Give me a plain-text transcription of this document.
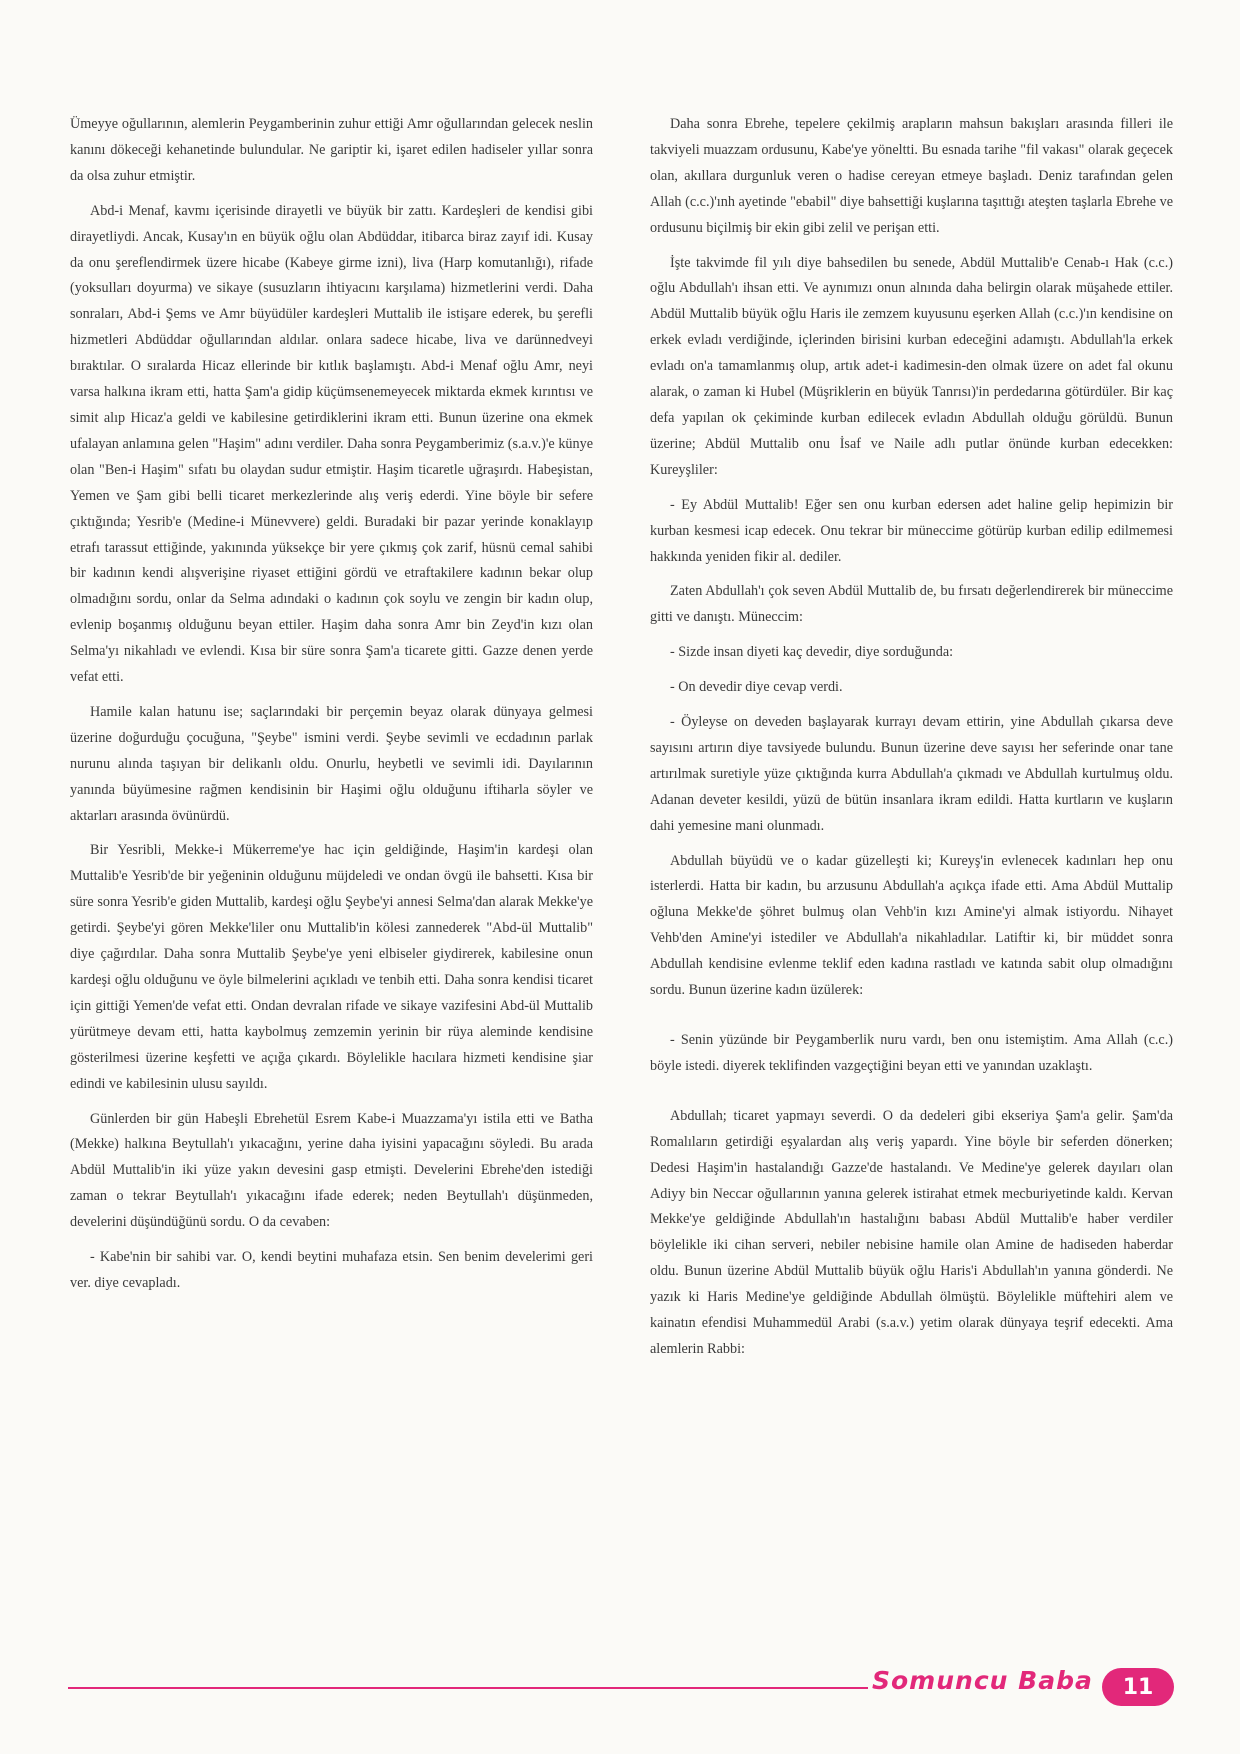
Ümeyye oğullarının, alemlerin Peygamberinin zuhur ettiği Amr oğullarından gelecek neslin kanını dökeceği kehanetinde bulundular. Ne gariptir ki, işaret edilen hadiseler yıllar sonra da olsa zuhur etmiştir.

Abd-i Menaf, kavmı içerisinde dirayetli ve büyük bir zattı. Kardeşleri de kendisi gibi dirayetliydi. Ancak, Kusay'ın en büyük oğlu olan Abdüddar, itibarca biraz zayıf idi. Kusay da onu şereflendirmek üzere hicabe (Kabeye girme izni), liva (Harp komutanlığı), rifade (yoksulları doyurma) ve sikaye (susuzların ihtiyacını karşılama) hizmetlerini verdi. Daha sonraları, Abd-i Şems ve Amr büyüdüler kardeşleri Muttalib ile istişare ederek, bu şerefli hizmetleri Abdüddar oğullarından aldılar. onlara sadece hicabe, liva ve darünnedveyi bıraktılar. O sıralarda Hicaz ellerinde bir kıtlık başlamıştı. Abd-i Menaf oğlu Amr, neyi varsa halkına ikram etti, hatta Şam'a gidip küçümsenemeyecek miktarda ekmek kırıntısı ve simit alıp Hicaz'a geldi ve kabilesine getirdiklerini ikram etti. Bunun üzerine ona ekmek ufalayan anlamına gelen "Haşim" adını verdiler. Daha sonra Peygamberimiz (s.a.v.)'e künye olan "Ben-i Haşim" sıfatı bu olaydan sudur etmiştir. Haşim ticaretle uğraşırdı. Habeşistan, Yemen ve Şam gibi belli ticaret merkezlerinde alış veriş ederdi. Yine böyle bir sefere çıktığında; Yesrib'e (Medine-i Münevvere) geldi. Buradaki bir pazar yerinde konaklayıp etrafı tarassut ettiğinde, yakınında yüksekçe bir yere çıkmış çok zarif, hüsnü cemal sahibi bir kadının kendi alışverişine riyaset ettiğini gördü ve etraftakilere kadının bekar olup olmadığını sordu, onlar da Selma adındaki o kadının çok soylu ve zengin bir kadın olup, evlenip boşanmış olduğunu beyan ettiler. Haşim daha sonra Amr bin Zeyd'in kızı olan Selma'yı nikahladı ve evlendi. Kısa bir süre sonra Şam'a ticarete gitti. Gazze denen yerde vefat etti.

Hamile kalan hatunu ise; saçlarındaki bir perçemin beyaz olarak dünyaya gelmesi üzerine doğurduğu çocuğuna, "Şeybe" ismini verdi. Şeybe sevimli ve ecdadının parlak nurunu alında taşıyan bir delikanlı oldu. Onurlu, heybetli ve sevimli idi. Dayılarının yanında büyümesine rağmen kendisinin bir Haşimi oğlu olduğunu iftiharla söyler ve aktarları arasında övünürdü.

Bir Yesribli, Mekke-i Mükerreme'ye hac için geldiğinde, Haşim'in kardeşi olan Muttalib'e Yesrib'de bir yeğeninin olduğunu müjdeledi ve ondan övgü ile bahsetti. Kısa bir süre sonra Yesrib'e giden Muttalib, kardeşi oğlu Şeybe'yi annesi Selma'dan alarak Mekke'ye getirdi. Şeybe'yi gören Mekke'liler onu Muttalib'in kölesi zannederek "Abd-ül Muttalib" diye çağırdılar. Daha sonra Muttalib Şeybe'ye yeni elbiseler giydirerek, kabilesine onun kardeşi oğlu olduğunu ve öyle bilmelerini açıkladı ve tenbih etti. Daha sonra kendisi ticaret için gittiği Yemen'de vefat etti. Ondan devralan rifade ve sikaye vazifesini Abd-ül Muttalib yürütmeye devam etti, hatta kaybolmuş zemzemin yerinin bir rüya aleminde kendisine gösterilmesi üzerine keşfetti ve açığa çıkardı. Böylelikle hacılara hizmeti kendisine şiar edindi ve kabilesinin ulusu sayıldı.

Günlerden bir gün Habeşli Ebrehetül Esrem Kabe-i Muazzama'yı istila etti ve Batha (Mekke) halkına Beytullah'ı yıkacağını, yerine daha iyisini yapacağını söyledi. Bu arada Abdül Muttalib'in iki yüze yakın devesini gasp etmişti. Develerini Ebrehe'den istediği zaman o tekrar Beytullah'ı yıkacağını ifade ederek; neden Beytullah'ı düşünmeden, develerini düşündüğünü sordu. O da cevaben:

- Kabe'nin bir sahibi var. O, kendi beytini muhafaza etsin. Sen benim develerimi geri ver. diye cevapladı.

Daha sonra Ebrehe, tepelere çekilmiş arapların mahsun bakışları arasında filleri ile takviyeli muazzam ordusunu, Kabe'ye yöneltti. Bu esnada tarihe "fil vakası" olarak geçecek olan, akıllara durgunluk veren o hadise cereyan etmeye başladı. Deniz tarafından gelen Allah (c.c.)'ınh ayetinde "ebabil" diye bahsettiği kuşlarına taşıttığı ateşten taşlarla Ebrehe ve ordusunu biçilmiş bir ekin gibi zelil ve perişan etti.

İşte takvimde fil yılı diye bahsedilen bu senede, Abdül Muttalib'e Cenab-ı Hak (c.c.) oğlu Abdullah'ı ihsan etti. Ve aynımızı onun alnında daha belirgin olarak müşahede ettiler. Abdül Muttalib büyük oğlu Haris ile zemzem kuyusunu eşerken Allah (c.c.)'ın kendisine on erkek evladı verdiğinde, içlerinden birisini kurban edeceğini adamıştı. Abdullah'la erkek evladı on'a tamamlanmış olup, artık adet-i kadimesin-den olmak üzere on adet fal okunu alarak, o zaman ki Hubel (Müşriklerin en büyük Tanrısı)'in perdedarına götürdüler. Bir kaç defa yapılan ok çekiminde kurban edilecek evladın Abdullah olduğu görüldü. Bunun üzerine; Abdül Muttalib onu İsaf ve Naile adlı putlar önünde kurban edecekken: Kureyşliler:

- Ey Abdül Muttalib! Eğer sen onu kurban edersen adet haline gelip hepimizin bir kurban kesmesi icap edecek. Onu tekrar bir müneccime götürüp kurban edilip edilmemesi hakkında yeniden fikir al. dediler.

Zaten Abdullah'ı çok seven Abdül Muttalib de, bu fırsatı değerlendirerek bir müneccime gitti ve danıştı. Müneccim:

- Sizde insan diyeti kaç devedir, diye sorduğunda:

- On devedir diye cevap verdi.

- Öyleyse on deveden başlayarak kurrayı devam ettirin, yine Abdullah çıkarsa deve sayısını artırın diye tavsiyede bulundu. Bunun üzerine deve sayısı her seferinde onar tane artırılmak suretiyle yüze çıktığında kurra Abdullah'a çıkmadı ve Abdullah kurtulmuş oldu. Adanan deveter kesildi, yüzü de bütün insanlara ikram edildi. Hatta kurtların ve kuşların dahi yemesine mani olunmadı.

Abdullah büyüdü ve o kadar güzelleşti ki; Kureyş'in evlenecek kadınları hep onu isterlerdi. Hatta bir kadın, bu arzusunu Abdullah'a açıkça ifade etti. Ama Abdül Muttalip oğluna Mekke'de şöhret bulmuş olan Vehb'in kızı Amine'yi almak istiyordu. Nihayet Vehb'den Amine'yi istediler ve Abdullah'a nikahladılar. Latiftir ki, bir müddet sonra Abdullah kendisine evlenme teklif eden kadına rastladı ve katında sabit olup olmadığını sordu. Bunun üzerine kadın üzülerek:

- Senin yüzünde bir Peygamberlik nuru vardı, ben onu istemiştim. Ama Allah (c.c.) böyle istedi. diyerek teklifinden vazgeçtiğini beyan etti ve yanından uzaklaştı.

Abdullah; ticaret yapmayı severdi. O da dedeleri gibi ekseriya Şam'a gelir. Şam'da Romalıların getirdiği eşyalardan alış veriş yapardı. Yine böyle bir seferden dönerken; Dedesi Haşim'in hastalandığı Gazze'de hastalandı. Ve Medine'ye gelerek dayıları olan Adiyy bin Neccar oğullarının yanına gelerek istirahat etmek mecburiyetinde kaldı. Kervan Mekke'ye geldiğinde Abdullah'ın hastalığını babası Abdül Muttalib'e haber verdiler böylelikle iki cihan serveri, nebiler nebisine hamile olan Amine de hadiseden haberdar oldu. Bunun üzerine Abdül Muttalib büyük oğlu Haris'i Abdullah'ın yanına gönderdi. Ne yazık ki Haris Medine'ye geldiğinde Abdullah ölmüştü. Böylelikle müftehiri alem ve kainatın efendisi Muhammedül Arabi (s.a.v.) yetim olarak dünyaya teşrif edecekti. Ama alemlerin Rabbi:

Somuncu Baba	11
